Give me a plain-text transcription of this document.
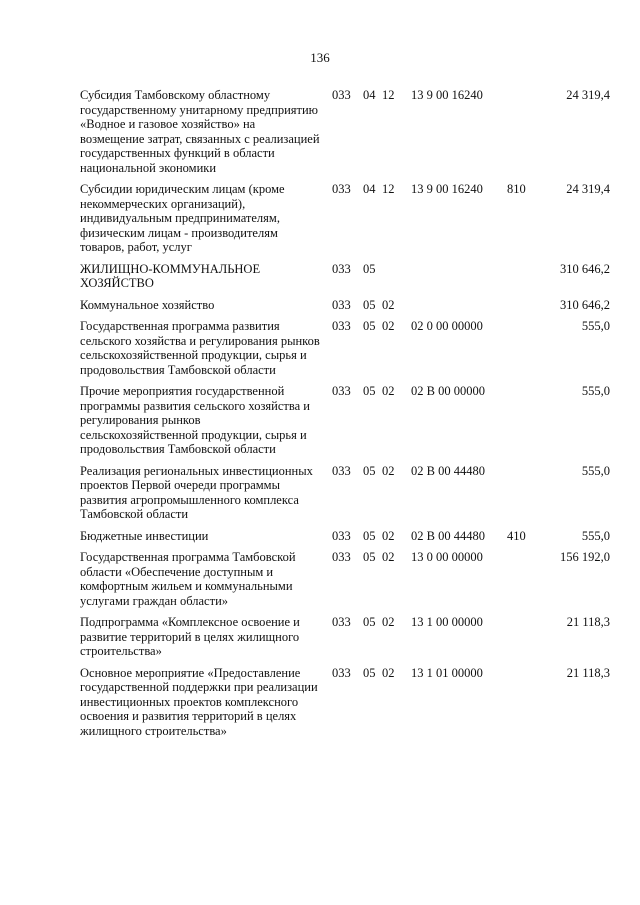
136
Субсидия Тамбовскому областному государственному унитарному предприятию «Водное и газовое хозяйство» на возмещение затрат, связанных с реализацией государственных функций в области национальной экономики
033 04 12 13 9 00 16240	24 319,4
Субсидии юридическим лицам (кроме некоммерческих организаций), индивидуальным предпринимателям, физическим лицам - производителям товаров, работ, услуг
033 04 12 13 9 00 16240 810	24 319,4
ЖИЛИЩНО-КОММУНАЛЬНОЕ ХОЗЯЙСТВО
033 05	310 646,2
Коммунальное хозяйство	033 05 02	310 646,2
Государственная программа развития сельского хозяйства и регулирования рынков сельскохозяйственной продукции, сырья и продовольствия Тамбовской области
033 05 02 02 0 00 00000	555,0
Прочие мероприятия государственной программы развития сельского хозяйства и регулирования рынков сельскохозяйственной продукции, сырья и продовольствия Тамбовской области
033 05 02 02 В 00 00000	555,0
Реализация региональных инвестиционных проектов Первой очереди программы развития агропромышленного комплекса Тамбовской области
033 05 02 02 В 00 44480	555,0
Бюджетные инвестиции	033 05 02 02 В 00 44480 410	555,0
Государственная программа Тамбовской области «Обеспечение доступным и комфортным жильем и коммунальными услугами граждан области»
033 05 02 13 0 00 00000	156 192,0
Подпрограмма «Комплексное освоение и развитие территорий в целях жилищного строительства»
033 05 02 13 1 00 00000	21 118,3
Основное мероприятие «Предоставление государственной поддержки при реализации инвестиционных проектов комплексного освоения и развития территорий в целях жилищного строительства»
033 05 02 13 1 01 00000	21 118,3
